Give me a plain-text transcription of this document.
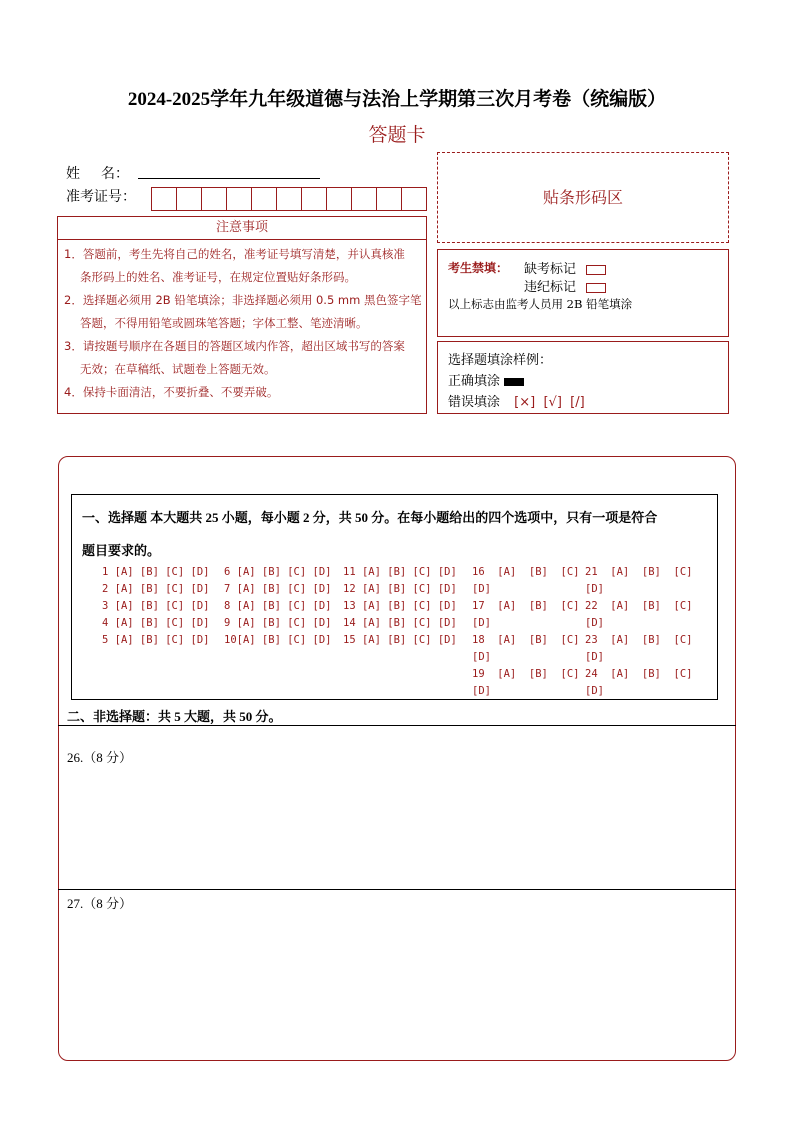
2024-2025学年九年级道德与法治上学期第三次月考卷（统编版）
答题卡
姓      名：
准考证号：	贴条形码区
注意事项
1．答题前，考生先将自己的姓名，准考证号填写清楚，并认真核准
条形码上的姓名、准考证号，在规定位置贴好条形码。
2．选择题必须用 2B 铅笔填涂；非选择题必须用 0.5 mm 黑色签字笔
答题，不得用铅笔或圆珠笔答题；字体工整、笔迹清晰。
3．请按题号顺序在各题目的答题区域内作答，超出区域书写的答案
无效；在草稿纸、试题卷上答题无效。
4．保持卡面清洁，不要折叠、不要弄破。
考生禁填： 缺考标记
违纪标记
以上标志由监考人员用 2B 铅笔填涂
选择题填涂样例：
正确填涂
错误填涂 [×]  [√]  [/]
一、选择题 本大题共 25 小题，每小题 2 分，共 50 分。在每小题给出的四个选项中，只有一项是符合
题目要求的。
1 [A] [B] [C] [D]
2 [A] [B] [C] [D]
3 [A] [B] [C] [D]
4 [A] [B] [C] [D]
5 [A] [B] [C] [D]
6 [A] [B] [C] [D]
7 [A] [B] [C] [D]
8 [A] [B] [C] [D]
9 [A] [B] [C] [D]
10[A] [B] [C] [D]
11 [A] [B] [C] [D]
12 [A] [B] [C] [D]
13 [A] [B] [C] [D]
14 [A] [B] [C] [D]
15 [A] [B] [C] [D]
16  [A]  [B]  [C]
[D]
17  [A]  [B]  [C]
[D]
18  [A]  [B]  [C]
[D]
19  [A]  [B]  [C]
[D]
21  [A]  [B]  [C]
[D]
22  [A]  [B]  [C]
[D]
23  [A]  [B]  [C]
[D]
24  [A]  [B]  [C]
[D]
二、非选择题：共 5 大题，共 50 分。
26.（8 分）
27.（8 分）
